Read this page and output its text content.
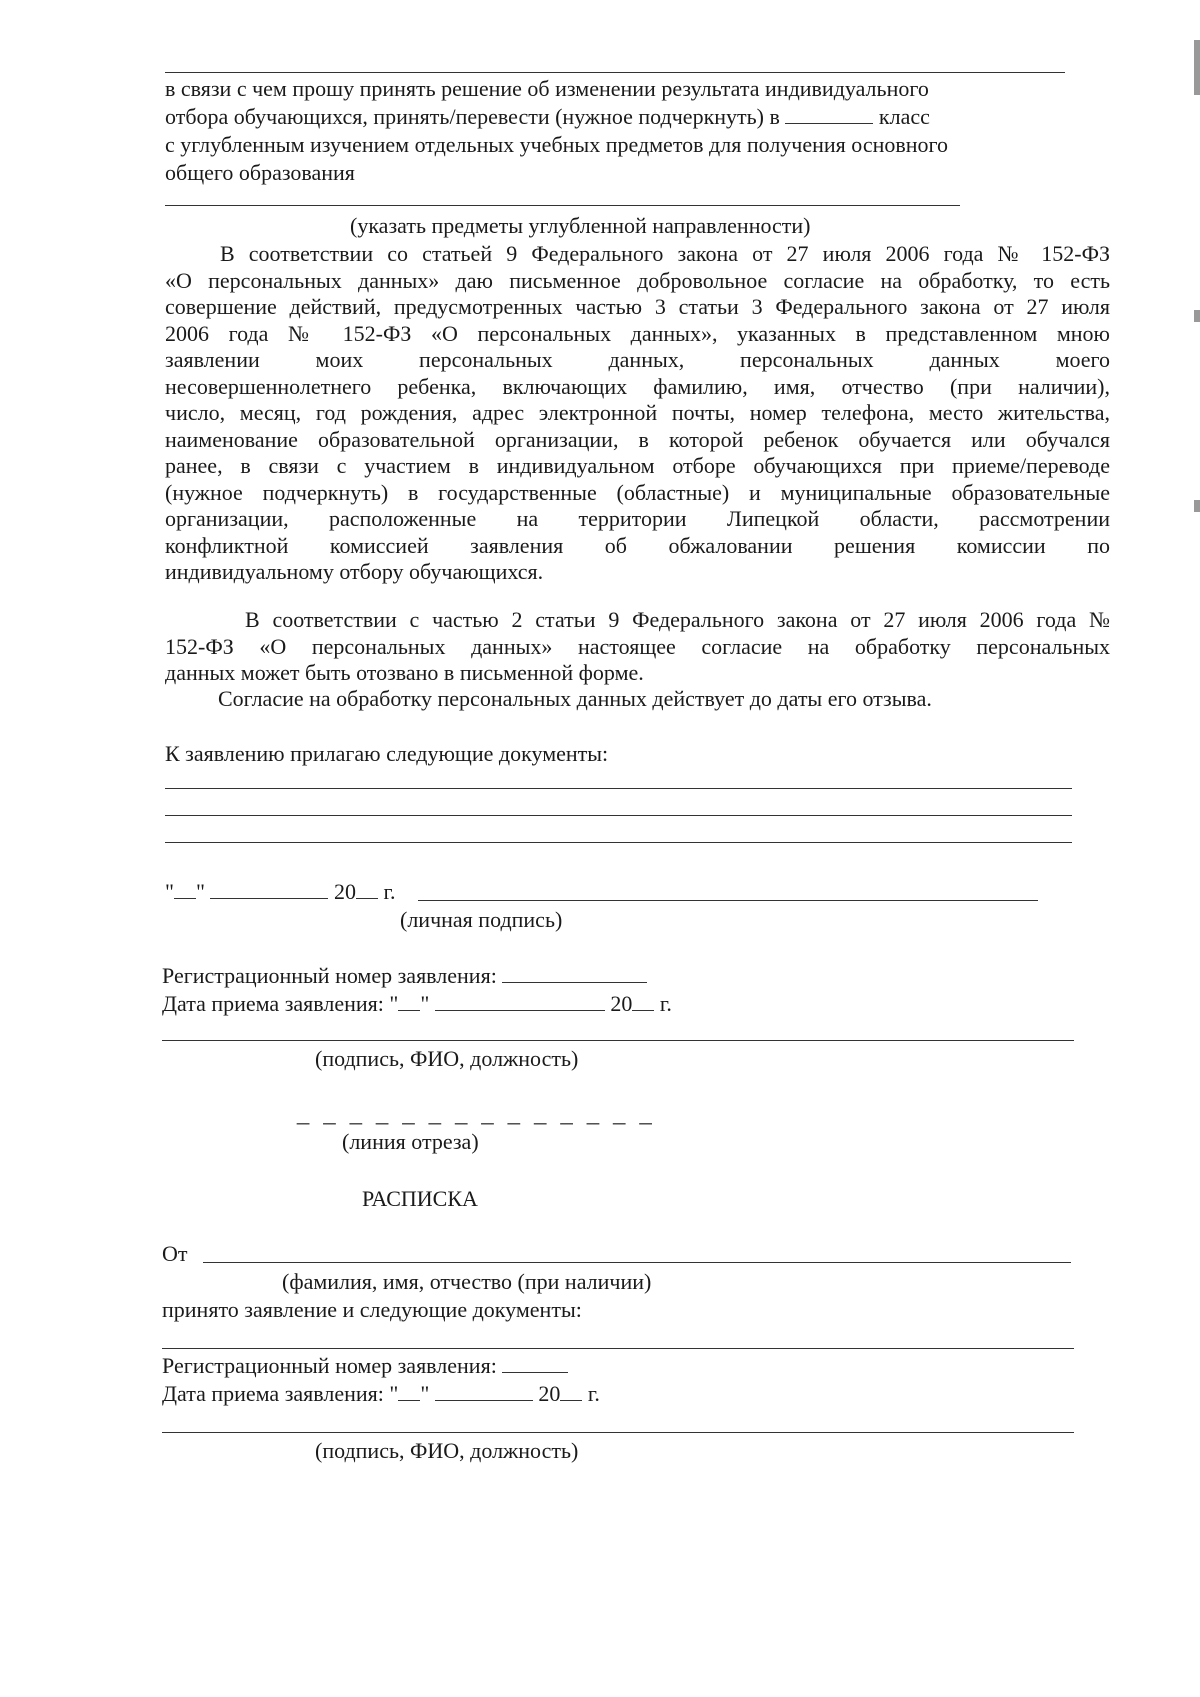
в связи с чем прошу принять решение об изменении результата индивидуального
отбора обучающихся, принять/перевести (нужное подчеркнуть) в	класс
с углубленным изучением отдельных учебных предметов для получения основного
общего образования
(указать предметы углубленной направленности)
В соответствии со статьей 9 Федерального закона от 27 июля 2006 года № 152-ФЗ
«О персональных данных» даю письменное добровольное согласие на обработку, то есть
совершение действий, предусмотренных частью 3 статьи 3 Федерального закона от 27 июля
2006 года № 152-ФЗ «О персональных данных», указанных в представленном мною
заявлении моих персональных данных, персональных данных моего
несовершеннолетнего ребенка, включающих фамилию, имя, отчество (при наличии),
число, месяц, год рождения, адрес электронной почты, номер телефона, место жительства,
наименование образовательной организации, в которой ребенок обучается или обучался
ранее, в связи с участием в индивидуальном отборе обучающихся при приеме/переводе
(нужное подчеркнуть) в государственные (областные) и муниципальные образовательные
организации, расположенные на территории Липецкой области, рассмотрении
конфликтной комиссией заявления об обжаловании решения комиссии по
индивидуальному отбору обучающихся.
В соответствии с частью 2 статьи 9 Федерального закона от 27 июля 2006 года №
152-ФЗ «О персональных данных» настоящее согласие на обработку персональных
данных может быть отозвано в письменной форме.
Согласие на обработку персональных данных действует до даты его отзыва.
К заявлению прилагаю следующие документы:
" "	20 г.
(личная подпись)
Регистрационный номер заявления:
Дата приема заявления: " "	20 г.
(подпись, ФИО, должность)
_ _ _ _ _ _ _ _ _ _ _ _ _ _
(линия отреза)
РАСПИСКА
От
(фамилия, имя, отчество (при наличии)
принято заявление и следующие документы:
Регистрационный номер заявления:
Дата приема заявления: " "	20 г.
(подпись, ФИО, должность)
